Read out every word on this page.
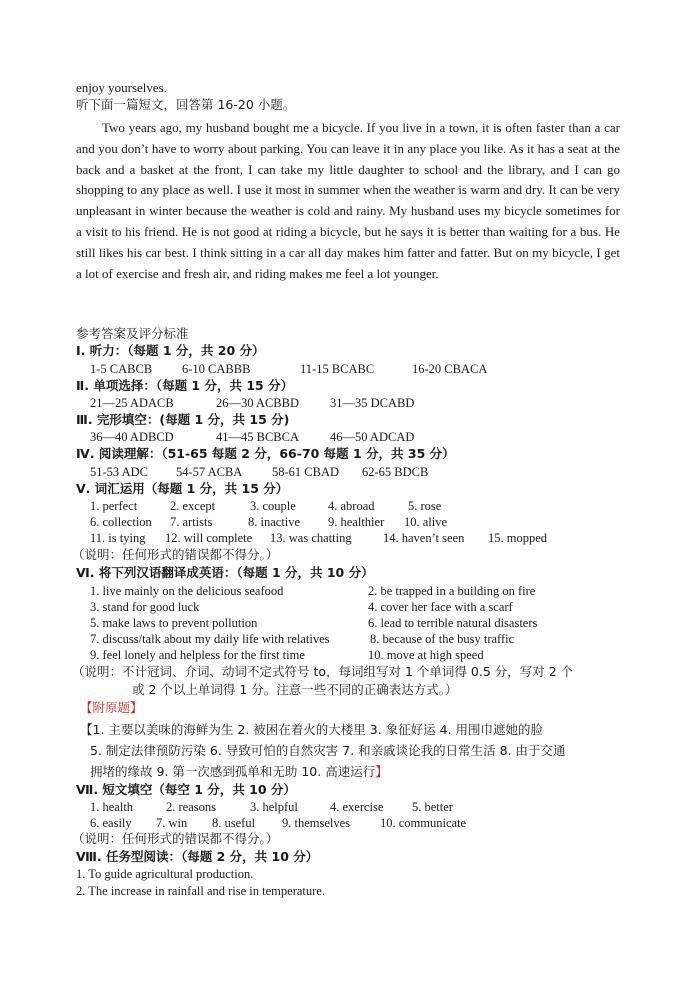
enjoy yourselves.
听下面一篇短文，回答第 16-20 小题。
Two years ago, my husband bought me a bicycle. If you live in a town, it is often faster than a car and you don’t have to worry about parking. You can leave it in any place you like. As it has a seat at the back and a basket at the front, I can take my little daughter to school and the library, and I can go shopping to any place as well. I use it most in summer when the weather is warm and dry. It can be very unpleasant in winter because the weather is cold and rainy. My husband uses my bicycle sometimes for a visit to his friend. He is not good at riding a bicycle, but he says it is better than waiting for a bus. He still likes his car best. I think sitting in a car all day makes him fatter and fatter. But on my bicycle, I get a lot of exercise and fresh air, and riding makes me feel a lot younger.
参考答案及评分标准
Ⅰ. 听力：（每题 1 分，共 20 分）
1-5 CABCB 6-10 CABBB	11-15 BCABC	16-20 CBACA
Ⅱ. 单项选择：（每题 1 分，共 15 分）
21—25 ADACB	26—30 ACBBD 31—35 DCABD
Ⅲ. 完形填空：(每题 1 分，共 15 分)
36—40 ADBCD	41—45 BCBCA 46—50 ADCAD
Ⅳ. 阅读理解：（51-65 每题 2 分，66-70 每题 1 分，共 35 分）
51-53 ADC 54-57 ACBA 58-61 CBAD 62-65 BDCB
Ⅴ. 词汇运用（每题 1 分，共 15 分）
1. perfect	2. except	3. couple	4. abroad	5. rose
6. collection 7. artists	8. inactive 9. healthier 10. alive
11. is tying 12. will complete 13. was chatting	14. haven’t seen 15. mopped
（说明：任何形式的错误都不得分。）
Ⅵ. 将下列汉语翻译成英语：（每题 1 分，共 10 分）
1. live mainly on the delicious seafood	2. be trapped in a building on fire
3. stand for good luck	4. cover her face with a scarf
5. make laws to prevent pollution	6. lead to terrible natural disasters
7. discuss/talk about my daily life with relatives	8. because of the busy traffic
9. feel lonely and helpless for the first time	10. move at high speed
（说明：不计冠词、介词、动词不定式符号 to，每词组写对 1 个单词得 0.5 分，写对 2 个
或 2 个以上单词得 1 分。注意一些不同的正确表达方式。）
【附原题】
【1. 主要以美味的海鲜为生 2. 被困在着火的大楼里 3. 象征好运 4. 用围巾遮她的脸
5. 制定法律预防污染 6. 导致可怕的自然灾害 7. 和亲戚谈论我的日常生活 8. 由于交通
拥堵的缘故 9. 第一次感到孤单和无助 10. 高速运行】
Ⅶ. 短文填空（每空 1 分，共 10 分）
1. health	2. reasons	3. helpful	4. exercise 5. better
6. easily 7. win 8. useful 9. themselves 10. communicate
（说明：任何形式的错误都不得分。）
Ⅷ. 任务型阅读：（每题 2 分，共 10 分）
1. To guide agricultural production.
2. The increase in rainfall and rise in temperature.
